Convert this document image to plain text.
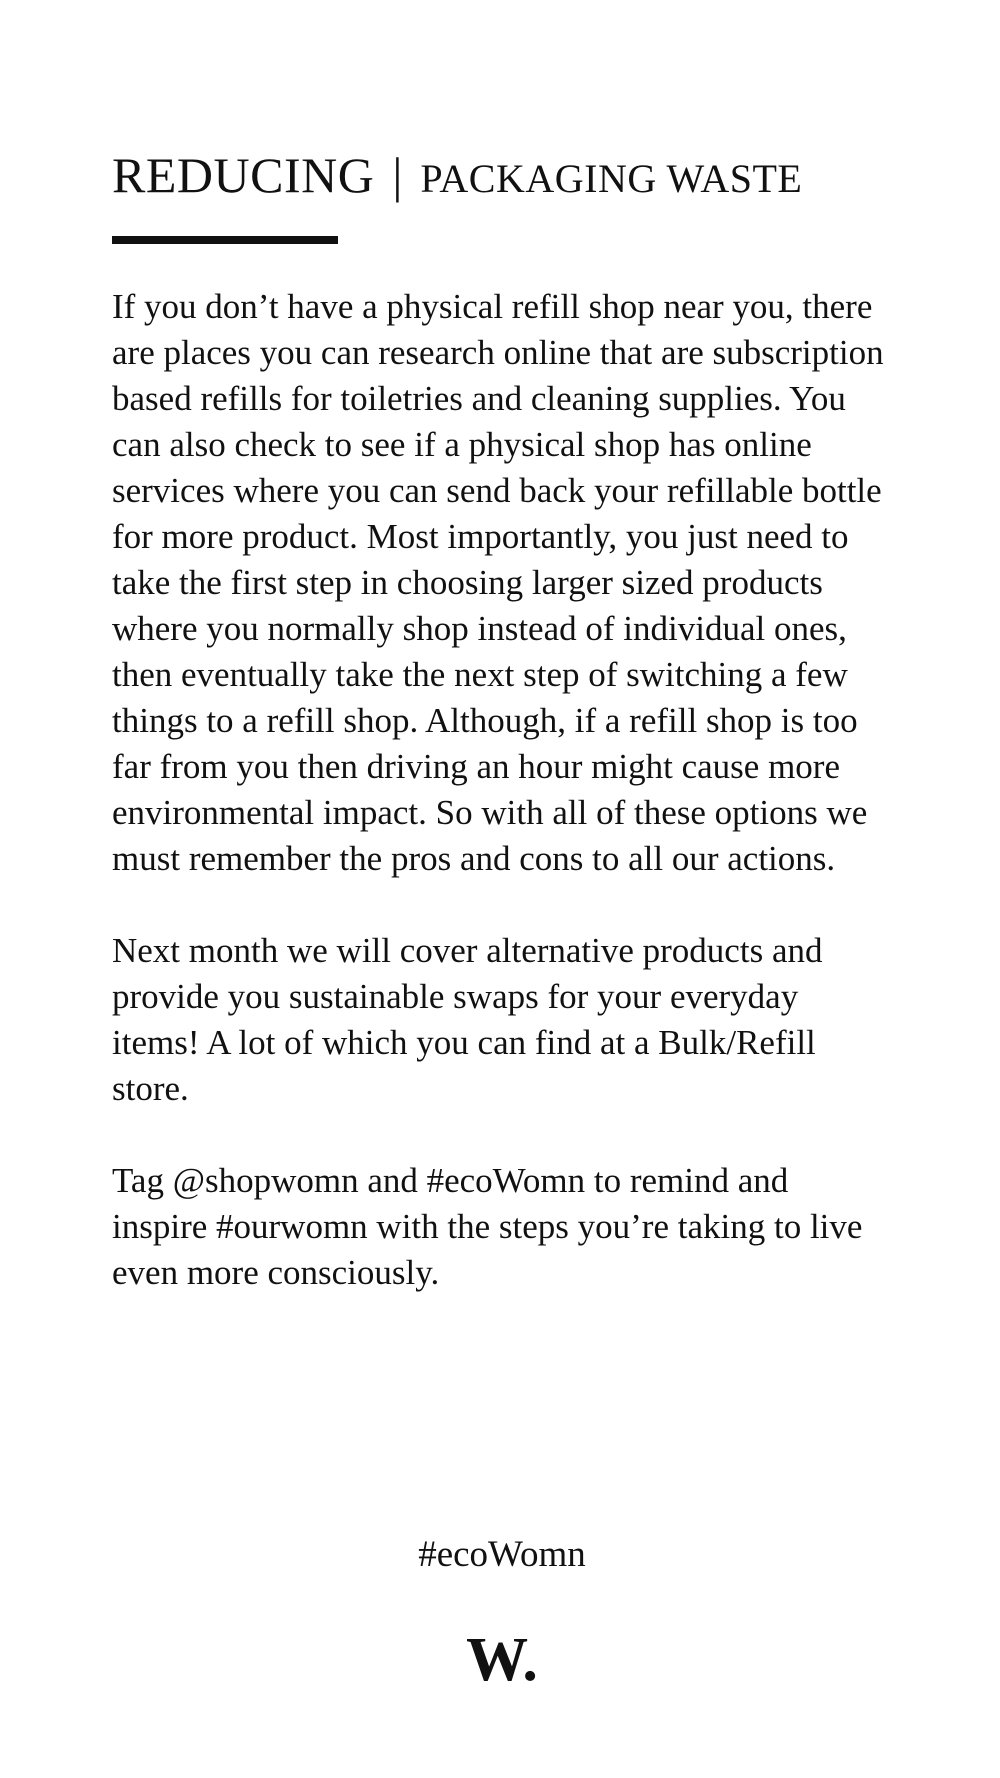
REDUCING | PACKAGING WASTE

If you don’t have a physical refill shop near you, there are places you can research online that are subscription based refills for toiletries and cleaning supplies. You can also check to see if a physical shop has online services where you can send back your refillable bottle for more product. Most importantly, you just need to take the first step in choosing larger sized products where you normally shop instead of individual ones, then eventually take the next step of switching a few things to a refill shop. Although, if a refill shop is too far from you then driving an hour might cause more environmental impact. So with all of these options we must remember the pros and cons to all our actions.

Next month we will cover alternative products and provide you sustainable swaps for your everyday items! A lot of which you can find at a Bulk/Refill store.

Tag @shopwomn and #ecoWomn to remind and inspire #ourwomn with the steps you’re taking to live even more consciously.

#ecoWomn
W.
